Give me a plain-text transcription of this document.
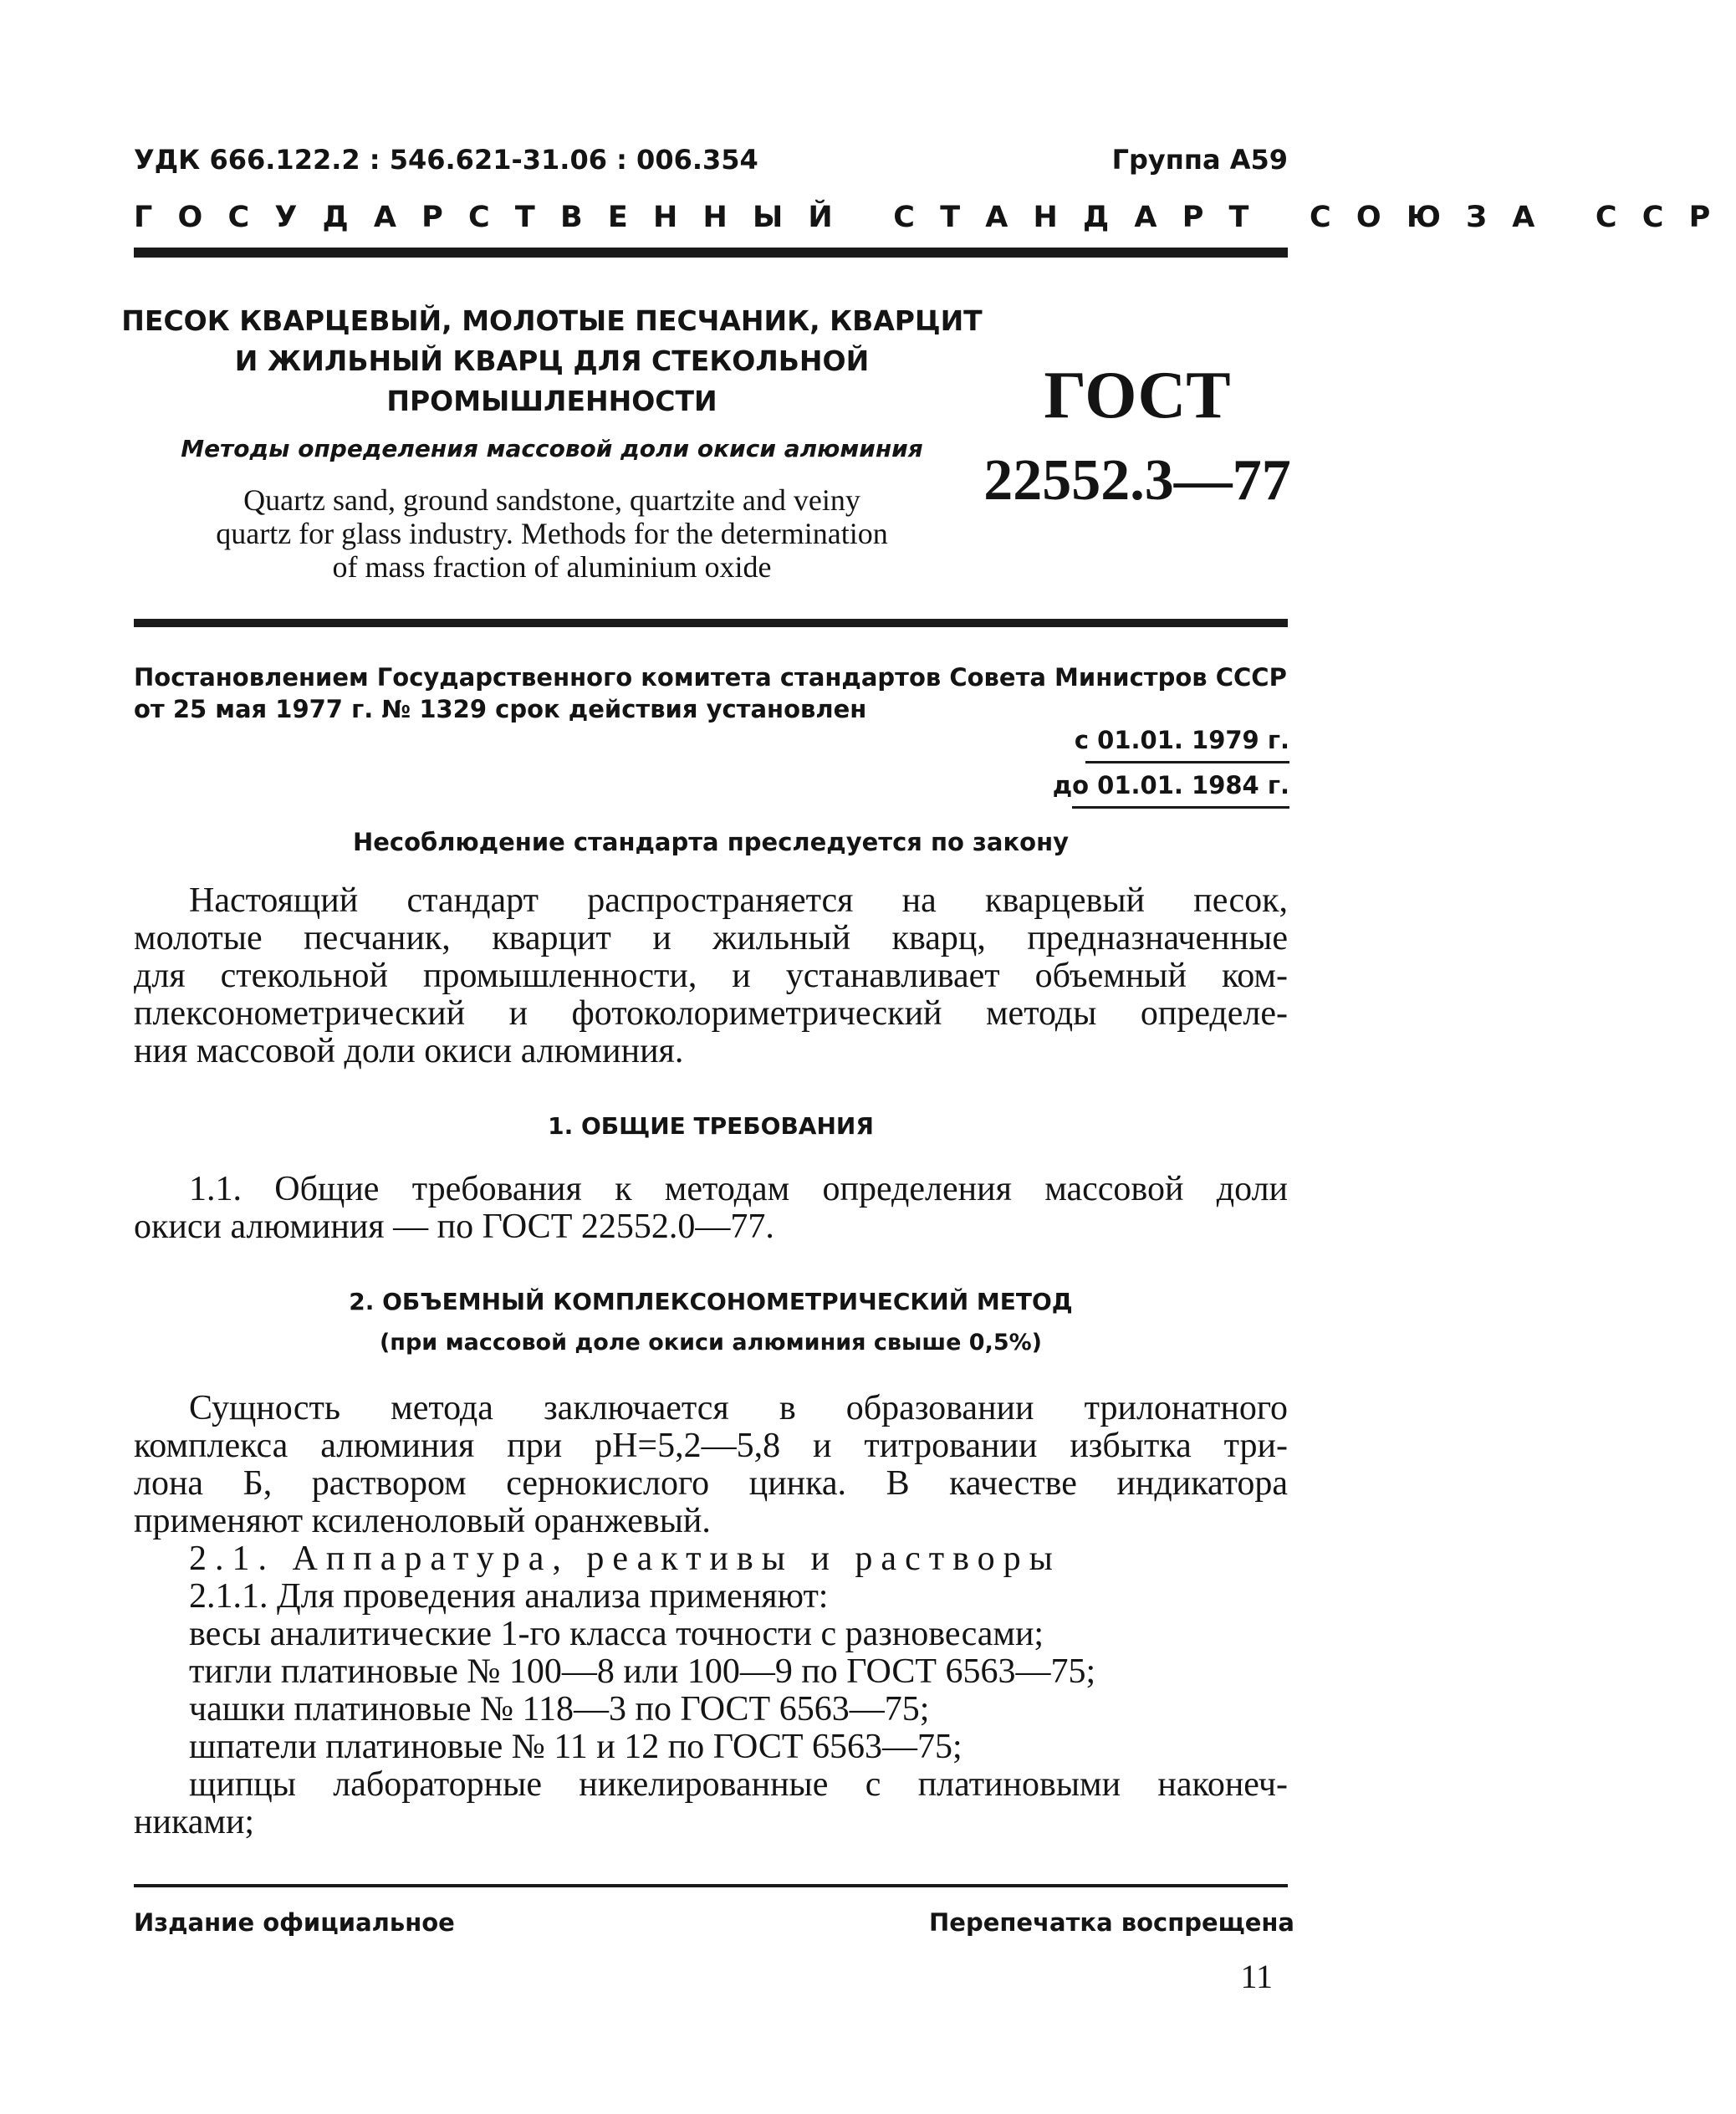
УДК 666.122.2 : 546.621-31.06 : 006.354	Группа А59
ГОСУДАРСТВЕННЫЙ СТАНДАРТ СОЮЗА ССР
ПЕСОК КВАРЦЕВЫЙ, МОЛОТЫЕ ПЕСЧАНИК, КВАРЦИТ
И ЖИЛЬНЫЙ КВАРЦ ДЛЯ СТЕКОЛЬНОЙ
ПРОМЫШЛЕННОСТИ
Методы определения массовой доли окиси алюминия
Quartz sand, ground sandstone, quartzite and veiny
quartz for glass industry. Methods for the determination
of mass fraction of aluminium oxide
ГОСТ
22552.3—77
Постановлением Государственного комитета стандартов Совета Министров СССР
от 25 мая 1977 г. № 1329 срок действия установлен
с 01.01. 1979 г.
до 01.01. 1984 г.
Несоблюдение стандарта преследуется по закону
Настоящий стандарт распространяется на кварцевый песок,
молотые песчаник, кварцит и жильный кварц, предназначенные
для стекольной промышленности, и устанавливает объемный ком-
плексонометрический и фотоколориметрический методы определе-
ния массовой доли окиси алюминия.
1. ОБЩИЕ ТРЕБОВАНИЯ
1.1. Общие требования к методам определения массовой доли
окиси алюминия — по ГОСТ 22552.0—77.
2. ОБЪЕМНЫЙ КОМПЛЕКСОНОМЕТРИЧЕСКИЙ МЕТОД
(при массовой доле окиси алюминия свыше 0,5%)
Сущность метода заключается в образовании трилонатного
комплекса алюминия при pH=5,2—5,8 и титровании избытка три-
лона Б, раствором сернокислого цинка. В качестве индикатора
применяют ксиленоловый оранжевый.
2.1. Аппаратура, реактивы и растворы
2.1.1. Для проведения анализа применяют:
весы аналитические 1-го класса точности с разновесами;
тигли платиновые № 100—8 или 100—9 по ГОСТ 6563—75;
чашки платиновые № 118—3 по ГОСТ 6563—75;
шпатели платиновые № 11 и 12 по ГОСТ 6563—75;
щипцы лабораторные никелированные с платиновыми наконеч-
никами;
Издание официальное	Перепечатка воспрещена
11
